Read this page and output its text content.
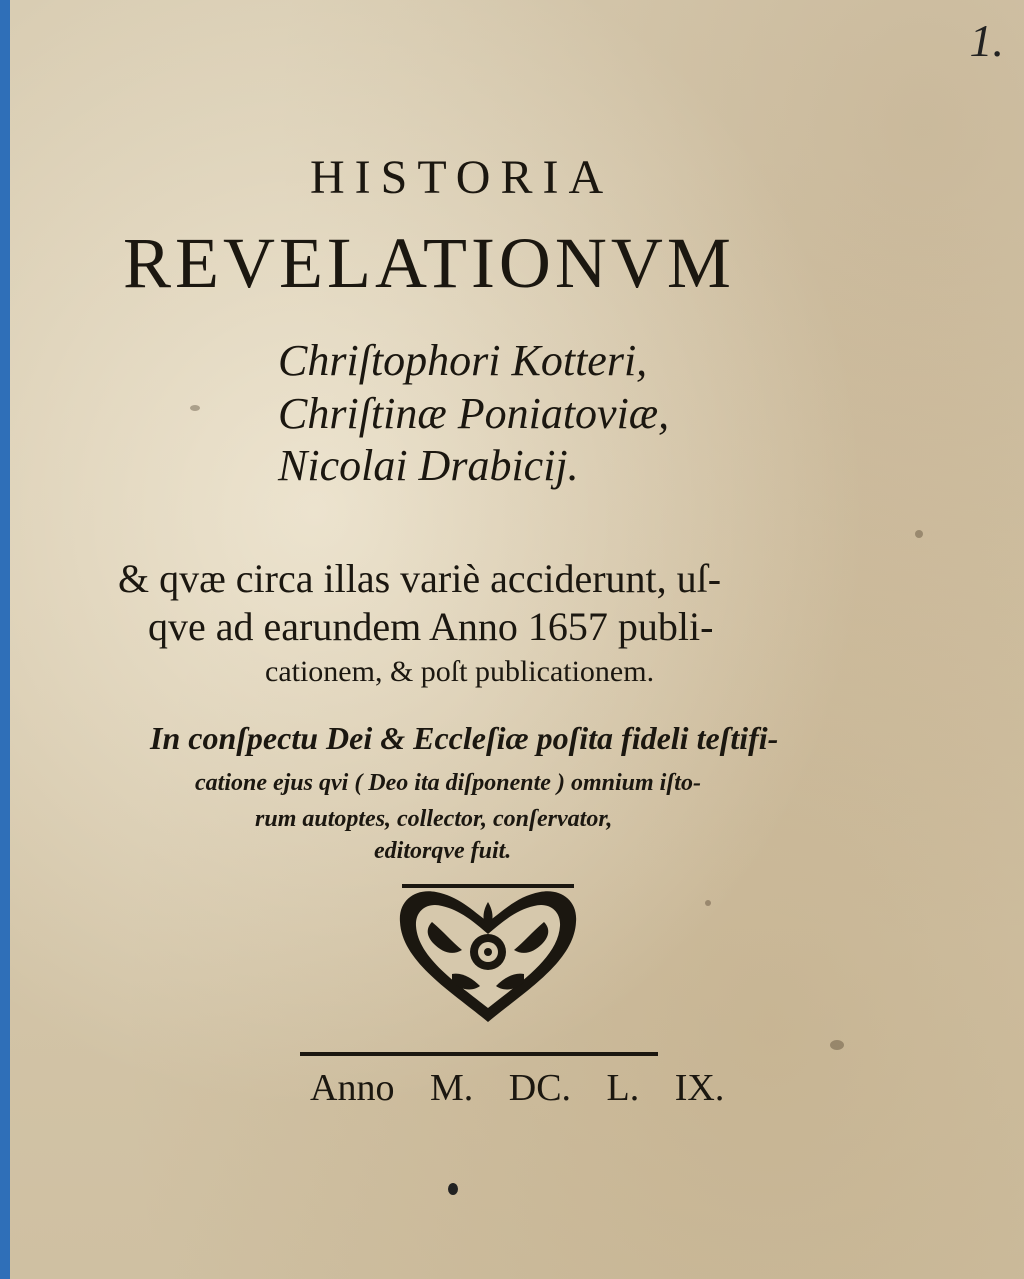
1.
HISTORIA
REVELATIONVM
Chriſtophori Kotteri,
Chriſtinæ Poniatoviæ,
Nicolai Drabicij.
& qvæ circa illas variè acciderunt, uſ-
qve ad earundem Anno 1657 publi-
cationem, & poſt publicationem.
In conſpectu Dei & Eccleſiæ poſita fideli teſtifi-
catione ejus qvi ( Deo ita diſponente ) omnium iſto-
rum autoptes, collector, conſervator,
editorqve fuit.
Anno M. DC. L. IX.
